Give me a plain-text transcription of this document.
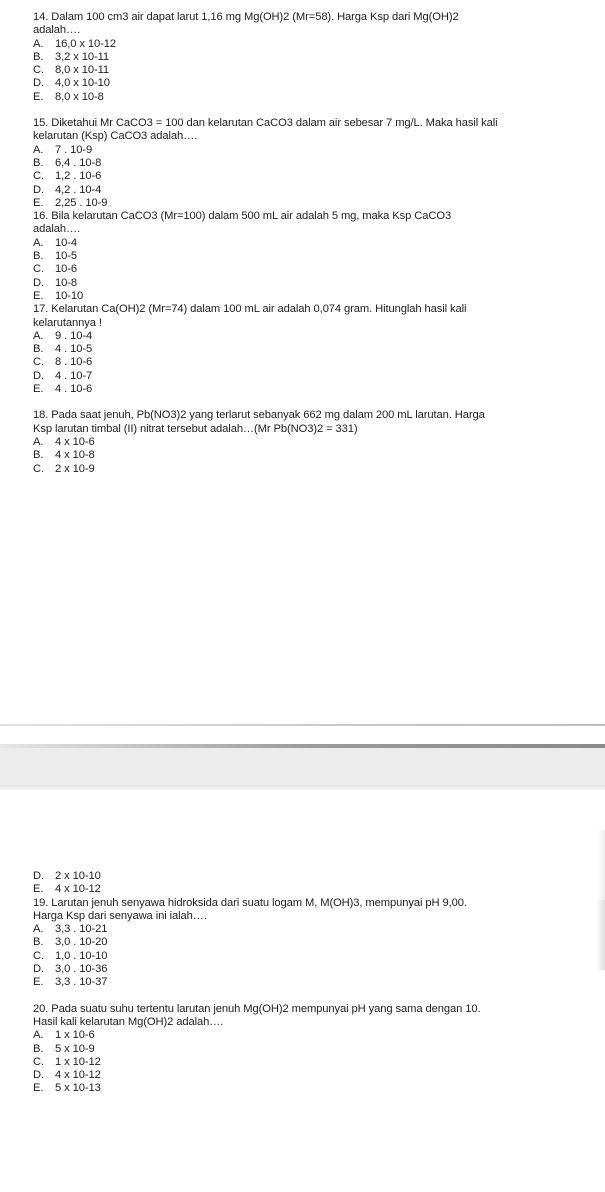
14. Dalam 100 cm3 air dapat larut 1,16 mg Mg(OH)2 (Mr=58). Harga Ksp dari Mg(OH)2
adalah….

A.	16,0 x 10-12
B.	3,2 x 10-11
C. 8,0 x 10-11
D. 4,0 x 10-10
E.	8,0 x 10-8

15. Diketahui Mr CaCO3 = 100 dan kelarutan CaCO3 dalam air sebesar 7 mg/L. Maka hasil kali
kelarutan (Ksp) CaCO3 adalah….

A.	7 . 10-9
B.	6,4 . 10-8
C. 1,2 . 10-6
D. 4,2 . 10-4
E.	2,25 . 10-9

16. Bila kelarutan CaCO3 (Mr=100) dalam 500 mL air adalah 5 mg, maka Ksp CaCO3
adalah….

A.	10-4
B.	10-5
C. 10-6
D. 10-8
E.	10-10

17. Kelarutan Ca(OH)2 (Mr=74) dalam 100 mL air adalah 0,074 gram. Hitunglah hasil kali
kelarutannya !

A.	9 . 10-4
B.	4 . 10-5
C. 8 . 10-6
D. 4 . 10-7
E.	4 . 10-6

18. Pada saat jenuh, Pb(NO3)2 yang terlarut sebanyak 662 mg dalam 200 mL larutan. Harga
Ksp larutan timbal (II) nitrat tersebut adalah…(Mr Pb(NO3)2 = 331)

A.	4 x 10-6
B.	4 x 10-8
C. 2 x 10-9
13
D. 2 x 10-10
E.	4 x 10-12

19. Larutan jenuh senyawa hidroksida dari suatu logam M, M(OH)3, mempunyai pH 9,00.
Harga Ksp dari senyawa ini ialah….

A.	3,3 . 10-21
B.	3,0 . 10-20
C. 1,0 . 10-10
D. 3,0 . 10-36
E.	3,3 . 10-37

20. Pada suatu suhu tertentu larutan jenuh Mg(OH)2 mempunyai pH yang sama dengan 10.
Hasil kali kelarutan Mg(OH)2 adalah….

A.	1 x 10-6
B.	5 x 10-9
C. 1 x 10-12
D. 4 x 10-12
E.	5 x 10-13
